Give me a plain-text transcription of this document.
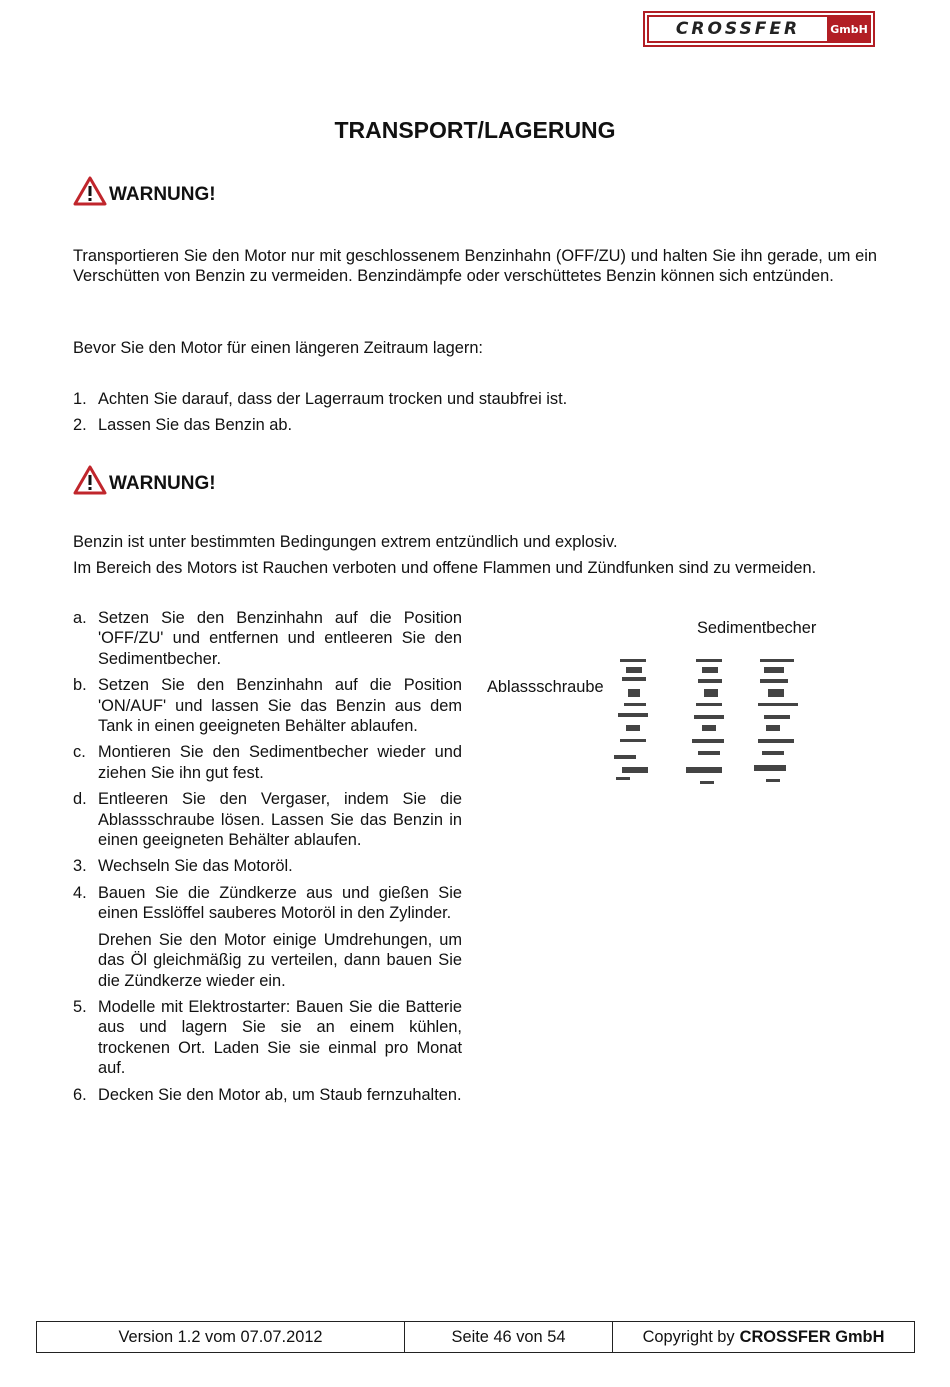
CROSSFER	GmbH
TRANSPORT/LAGERUNG
WARNUNG!

Transportieren Sie den Motor nur mit geschlossenem Benzinhahn (OFF/ZU) und halten Sie ihn gerade, um ein Verschütten von Benzin zu vermeiden. Benzindämpfe oder verschüttetes Benzin können sich entzünden.

Bevor Sie den Motor für einen längeren Zeitraum lagern:

1. Achten Sie darauf, dass der Lagerraum trocken und staubfrei ist.
2. Lassen Sie das Benzin ab.
WARNUNG!

Benzin ist unter bestimmten Bedingungen extrem entzündlich und explosiv.

Im Bereich des Motors ist Rauchen verboten und offene Flammen und Zündfunken sind zu vermeiden.

a. Setzen Sie den Benzinhahn auf die Position 'OFF/ZU' und entfernen und entleeren Sie den Sedimentbecher.
b. Setzen Sie den Benzinhahn auf die Position 'ON/AUF' und lassen Sie das Benzin aus dem Tank in einen geeigneten Behälter ablaufen.
c. Montieren Sie den Sedimentbecher wieder und ziehen Sie ihn gut fest.
d. Entleeren Sie den Vergaser, indem Sie die Ablassschraube lösen. Lassen Sie das Benzin in einen geeigneten Behälter ablaufen.
3. Wechseln Sie das Motoröl.
4. Bauen Sie die Zündkerze aus und gießen Sie einen Esslöffel sauberes Motoröl in den Zylinder.
Drehen Sie den Motor einige Umdrehungen, um das Öl gleichmäßig zu verteilen, dann bauen Sie die Zündkerze wieder ein.
5. Modelle mit Elektrostarter: Bauen Sie die Batterie aus und lagern Sie sie an einem kühlen, trockenen Ort. Laden Sie sie einmal pro Monat auf.
6. Decken Sie den Motor ab, um Staub fernzuhalten.
Sedimentbecher
Ablassschraube
Version 1.2 vom 07.07.2012	Seite 46 von 54	Copyright by CROSSFER GmbH
